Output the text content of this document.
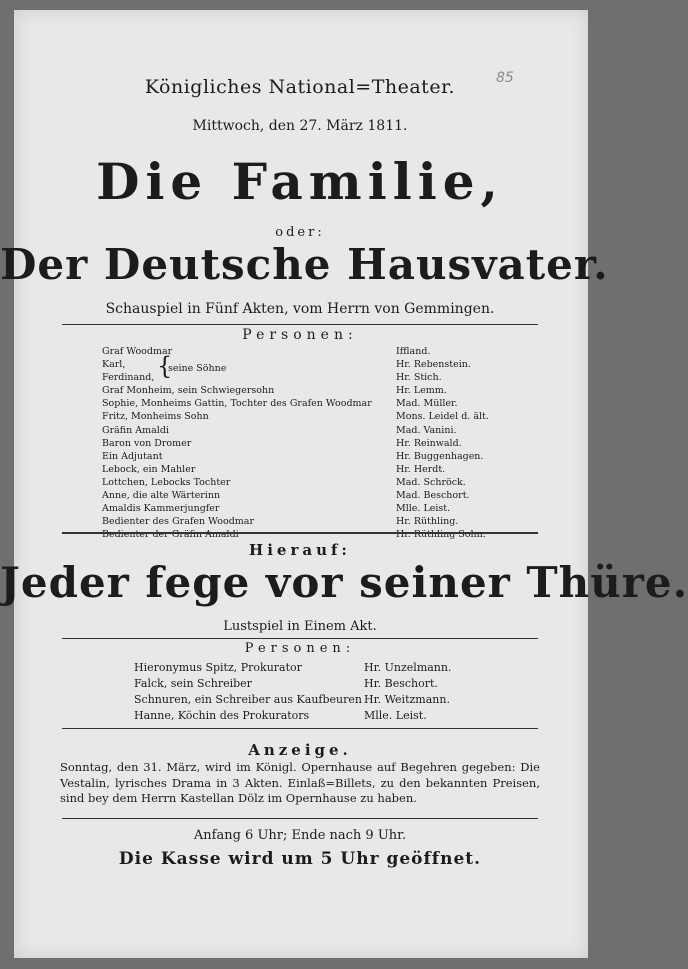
85
Königliches National=Theater.
Mittwoch, den 27. März 1811.
Die Familie,
oder:
Der Deutsche Hausvater.
Schauspiel in Fünf Akten, vom Herrn von Gemmingen.
Personen:
Graf Woodmar
Karl,
Ferdinand,
Graf Monheim, sein Schwiegersohn
Sophie, Monheims Gattin, Tochter des Grafen Woodmar
Fritz, Monheims Sohn
Gräfin Amaldi
Baron von Dromer
Ein Adjutant
Lebock, ein Mahler
Lottchen, Lebocks Tochter
Anne, die alte Wärterinn
Amaldis Kammerjungfer
Bedienter des Grafen Woodmar
Bedienter der Gräfin Amaldi
{
seine Söhne
Iffland.
Hr. Rebenstein.
Hr. Stich.
Hr. Lemm.
Mad. Müller.
Mons. Leidel d. ält.
Mad. Vanini.
Hr. Reinwald.
Hr. Buggenhagen.
Hr. Herdt.
Mad. Schröck.
Mad. Beschort.
Mlle. Leist.
Hr. Rüthling.
Hr. Rüthling Sohn.
Hierauf:
Jeder fege vor seiner Thüre.
Lustspiel in Einem Akt.
Personen:
Hieronymus Spitz, Prokurator
Falck, sein Schreiber
Schnuren, ein Schreiber aus Kaufbeuren
Hanne, Köchin des Prokurators
Hr. Unzelmann.
Hr. Beschort.
Hr. Weitzmann.
Mlle. Leist.
Anzeige.
Sonntag, den 31. März, wird im Königl. Opernhause auf Begehren gegeben: Die Vestalin, lyrisches Drama in 3 Akten. Einlaß=Billets, zu den bekannten Preisen, sind bey dem Herrn Kastellan Dölz im Opernhause zu haben.
Anfang 6 Uhr; Ende nach 9 Uhr.
Die Kasse wird um 5 Uhr geöffnet.
